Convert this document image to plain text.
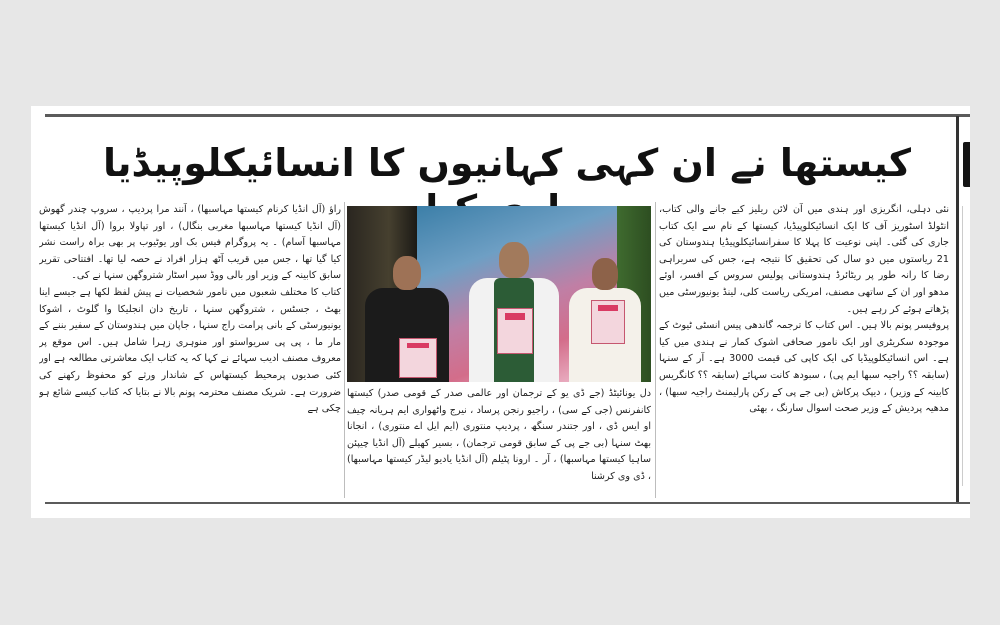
کیستھا نے ان کہی کہانیوں کا انسائیکلوپیڈیا

نئی دہلی، انگریزی اور ہندی میں آن لائن ریلیز کیے جانے والی کتاب، انٹولڈ اسٹوریز آف کا ایک انسائیکلوپیڈیا، کیستھا کے نام سے ایک کتاب جاری کی گئی۔ اپنی نوعیت کا پہلا کا سفرانسائیکلوپیڈیا ہندوستان کی 21 ریاستوں میں دو سال کی تحقیق کا نتیجہ ہے، جس کی سربراہی رضا کا رانہ طور پر ریٹائرڈ ہندوستانی پولیس سروس کے افسر، اوئے مدھو اور ان کے ساتھی مصنف، امریکی ریاست کلی، لینڈ یونیورسٹی میں پڑھاتے ہوئے کر رہے ہیں۔

پروفیسر پونم بالا ہیں۔ اس کتاب کا ترجمہ گاندھی پیس انسٹی ٹیوٹ کے موجودہ سکریٹری اور ایک نامور صحافی اشوک کمار نے ہندی میں کیا ہے۔ اس انسائیکلوپیڈیا کی ایک کاپی کی قیمت 3000 ہے۔ آر کے سنہا (سابقہ ؟؟ راجیہ سبھا ایم پی) ، سبودھ کانت سہائے (سابقہ ؟؟ کانگریس کابینہ کے وزیر) ، دیپک پرکاش (بی جے پی کے رکن پارلیمنٹ راجیہ سبھا) ، مدھیہ پردیش کے وزیر صحت اسوال سارنگ ، بھئی

دل یونائیٹڈ (جے ڈی یو کے ترجمان اور عالمی صدر کے قومی صدر) کیستھا کانفرنس (جی کے سی) ، راجیو رنجن پرساد ، نیرج واٹھواری ایم ہریانہ چیف او ایس ڈی ، اور جتندر سنگھ ، پردیپ منتوری (ایم ایل اے منتوری) ، انجانا بھٹ سنہا (بی جے پی کے سابق قومی ترجمان) ، بسیر کھیلے (آل انڈیا چیپئن ساہیا کیستھا مہاسبھا) ، آر ۔ ارونا پٹیلم (آل انڈیا یادیو لیڈر کیستھا مہاسبھا) ، ڈی وی کرشنا

راؤ (آل انڈیا کرنام کیستھا مہاسبھا) ، آنند مرا پردیپ ، سروپ چندر گھوش (آل انڈیا کیستھا مہاسبھا مغربی بنگال) ، اور تپاولا بروا (آل انڈیا کیستھا مہاسبھا آسام) ۔ یہ پروگرام فیس بک اور یوٹیوب پر بھی براہ راست نشر کیا گیا تھا ، جس میں قریب آٹھ ہزار افراد نے حصہ لیا تھا۔ افتتاحی تقریر سابق کابینہ کے وزیر اور بالی ووڈ سپر اسٹار شتروگھن سنہا نے کی۔

کتاب کا مختلف شعبوں میں نامور شخصیات نے پیش لفظ لکھا ہے جیسے اینا بھٹ ، جسٹس ، شتروگھن سنہا ، تاریخ دان انجلیکا وا گلوٹ ، اشوکا یونیورسٹی کے بانی پرامت راج سنہا ، جاپان میں ہندوستان کے سفیر بننے کے مار ما ، پی پی سریواستو اور منوہری زہرا شامل ہیں۔ اس موقع پر معروف مصنف ادیب سہائے نے کہا کہ یہ کتاب ایک معاشرتی مطالعہ ہے اور کئی صدیوں پرمحیط کیستھاس کے شاندار ورثے کو محفوظ رکھنے کی ضرورت ہے۔ شریک مصنف محترمہ پونم بالا نے بتایا کہ کتاب کیسے شائع ہو چکی ہے
